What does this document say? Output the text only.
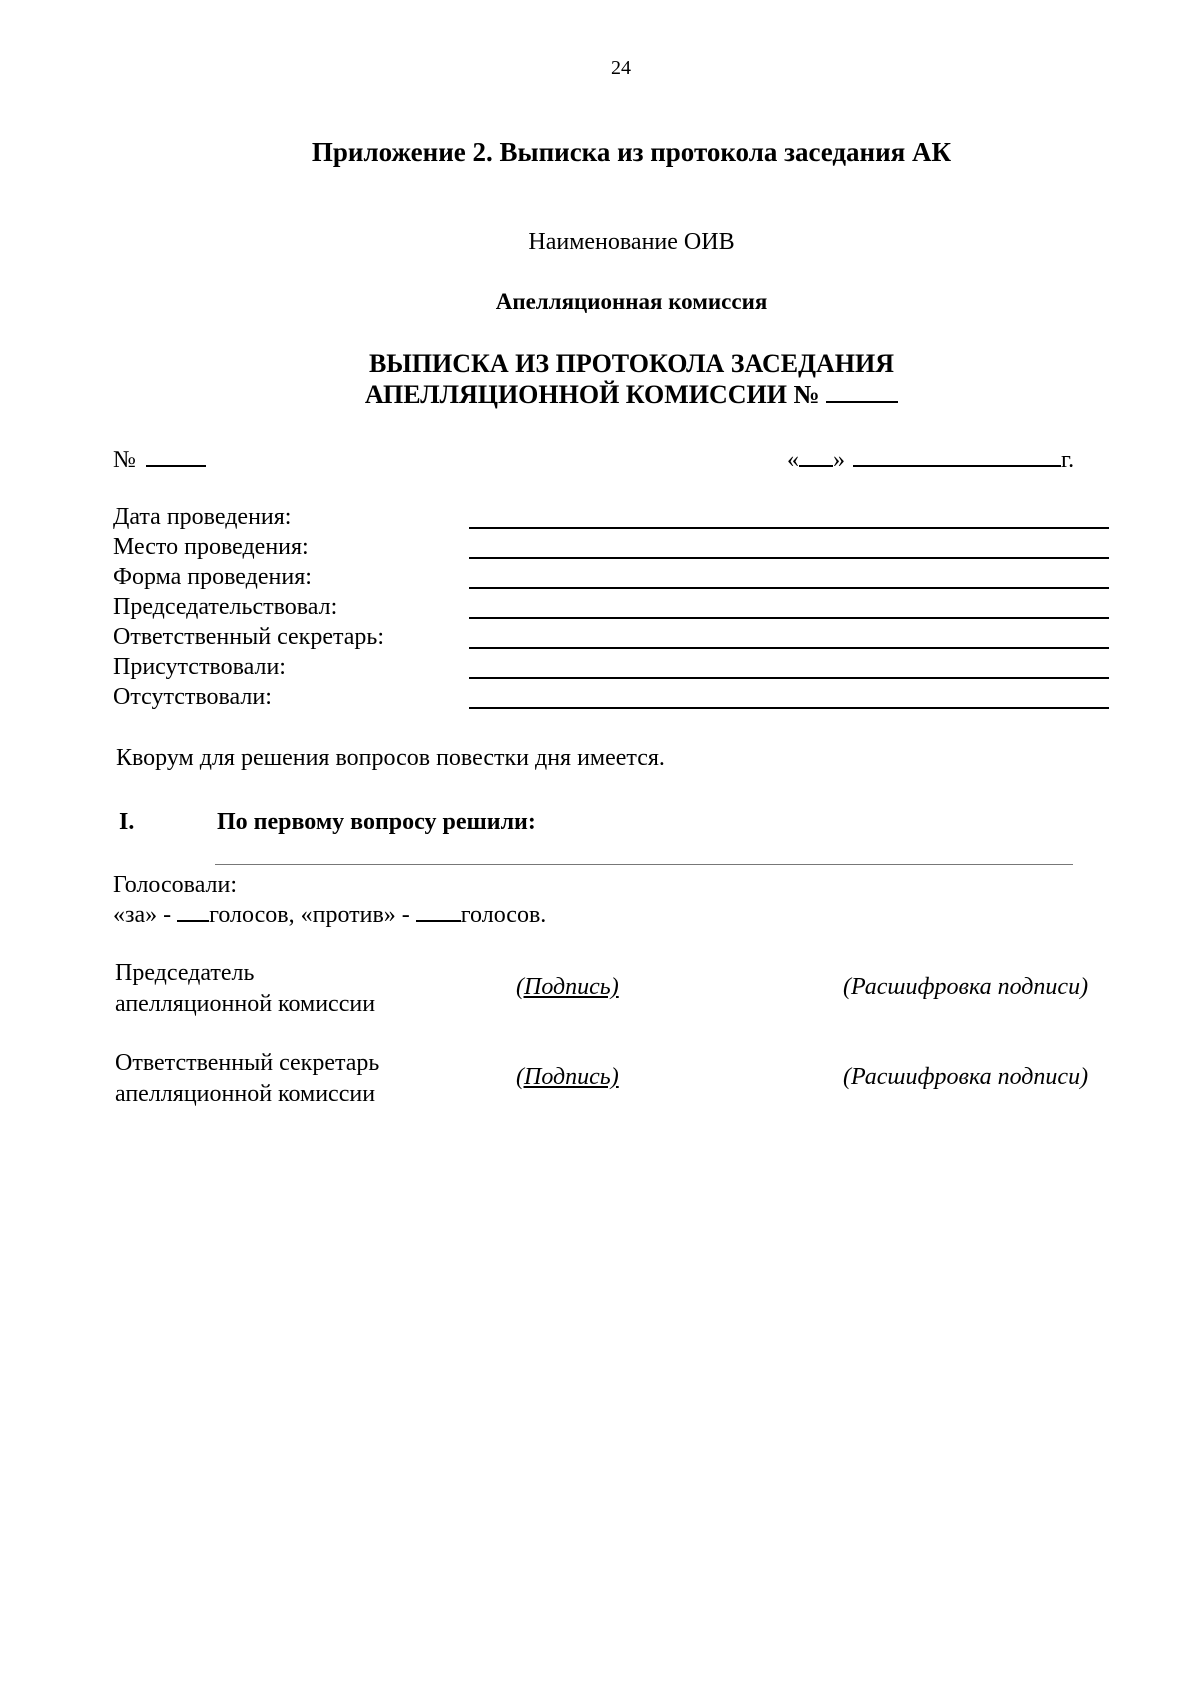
24
Приложение 2. Выписка из протокола заседания АК
Наименование ОИВ
Апелляционная комиссия
ВЫПИСКА ИЗ ПРОТОКОЛА ЗАСЕДАНИЯ
АПЕЛЛЯЦИОННОЙ КОМИССИИ №
№	« »	г.
Дата проведения:
Место проведения:
Форма проведения:
Председательствовал:
Ответственный секретарь:
Присутствовали:
Отсутствовали:
Кворум для решения вопросов повестки дня имеется.
I.	По первому вопросу решили:
Голосовали:
«за» - голосов, «против» - голосов.
Председатель
апелляционной комиссии
(Подпись)	(Расшифровка подписи)
Ответственный секретарь
апелляционной комиссии
(Подпись)	(Расшифровка подписи)
